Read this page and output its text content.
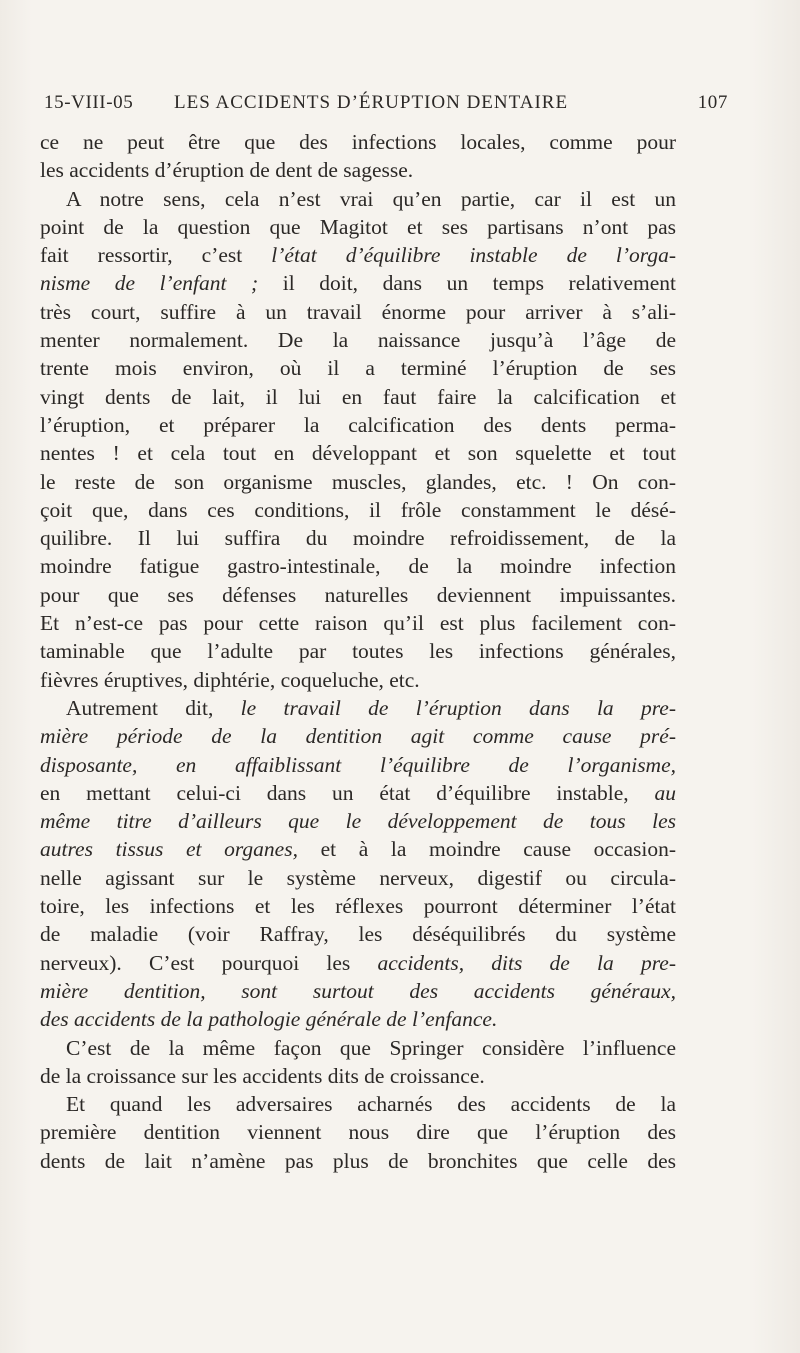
15-VIII-05 LES ACCIDENTS D’ÉRUPTION DENTAIRE	107
ce ne peut être que des infections locales, comme pour
les accidents d’éruption de dent de sagesse.
A notre sens, cela n’est vrai qu’en partie, car il est un
point de la question que Magitot et ses partisans n’ont pas
fait ressortir, c’est l’état d’équilibre instable de l’orga-
nisme de l’enfant ; il doit, dans un temps relativement
très court, suffire à un travail énorme pour arriver à s’ali-
menter normalement. De la naissance jusqu’à l’âge de
trente mois environ, où il a terminé l’éruption de ses
vingt dents de lait, il lui en faut faire la calcification et
l’éruption, et préparer la calcification des dents perma-
nentes ! et cela tout en développant et son squelette et tout
le reste de son organisme muscles, glandes, etc. ! On con-
çoit que, dans ces conditions, il frôle constamment le désé-
quilibre. Il lui suffira du moindre refroidissement, de la
moindre fatigue gastro-intestinale, de la moindre infection
pour que ses défenses naturelles deviennent impuissantes.
Et n’est-ce pas pour cette raison qu’il est plus facilement con-
taminable que l’adulte par toutes les infections générales,
fièvres éruptives, diphtérie, coqueluche, etc.
Autrement dit, le travail de l’éruption dans la pre-
mière période de la dentition agit comme cause pré-
disposante, en affaiblissant l’équilibre de l’organisme,
en mettant celui-ci dans un état d’équilibre instable, au
même titre d’ailleurs que le développement de tous les
autres tissus et organes, et à la moindre cause occasion-
nelle agissant sur le système nerveux, digestif ou circula-
toire, les infections et les réflexes pourront déterminer l’état
de maladie (voir Raffray, les déséquilibrés du système
nerveux). C’est pourquoi les accidents, dits de la pre-
mière dentition, sont surtout des accidents généraux,
des accidents de la pathologie générale de l’enfance.
C’est de la même façon que Springer considère l’influence
de la croissance sur les accidents dits de croissance.
Et quand les adversaires acharnés des accidents de la
première dentition viennent nous dire que l’éruption des
dents de lait n’amène pas plus de bronchites que celle des
